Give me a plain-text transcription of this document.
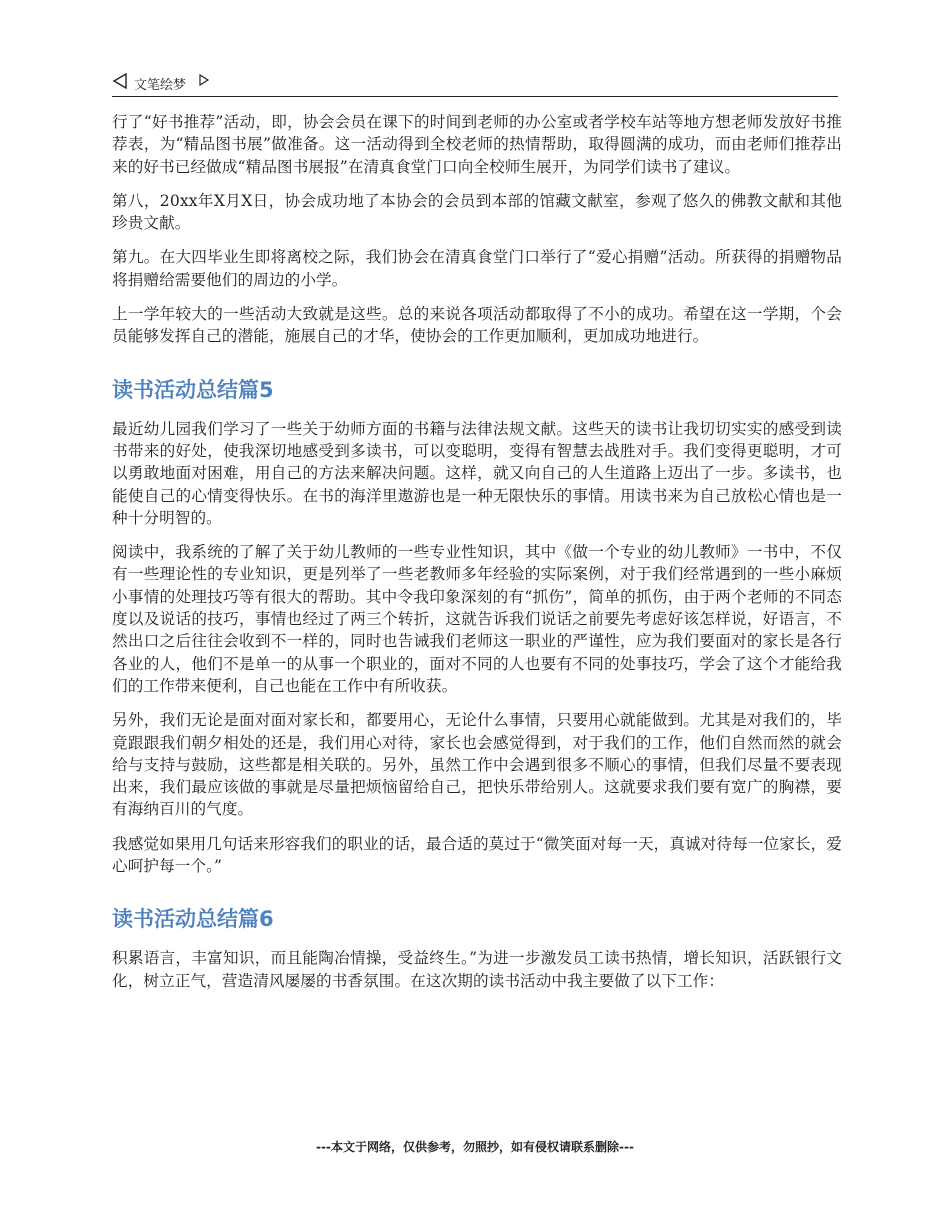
文笔绘梦

行了“好书推荐”活动，即，协会会员在课下的时间到老师的办公室或者学校车站等地方想老师发放好书推荐表，为“精品图书展”做准备。这一活动得到全校老师的热情帮助，取得圆满的成功，而由老师们推荐出来的好书已经做成“精品图书展报”在清真食堂门口向全校师生展开，为同学们读书了建议。

第八，20xx年X月X日，协会成功地了本协会的会员到本部的馆藏文献室，参观了悠久的佛教文献和其他珍贵文献。

第九。在大四毕业生即将离校之际，我们协会在清真食堂门口举行了“爱心捐赠”活动。所获得的捐赠物品将捐赠给需要他们的周边的小学。

上一学年较大的一些活动大致就是这些。总的来说各项活动都取得了不小的成功。希望在这一学期，个会员能够发挥自己的潜能，施展自己的才华，使协会的工作更加顺利，更加成功地进行。

读书活动总结篇5

最近幼儿园我们学习了一些关于幼师方面的书籍与法律法规文献。这些天的读书让我切切实实的感受到读书带来的好处，使我深切地感受到多读书，可以变聪明，变得有智慧去战胜对手。我们变得更聪明，才可以勇敢地面对困难，用自己的方法来解决问题。这样，就又向自己的人生道路上迈出了一步。多读书，也能使自己的心情变得快乐。在书的海洋里遨游也是一种无限快乐的事情。用读书来为自己放松心情也是一种十分明智的。

阅读中，我系统的了解了关于幼儿教师的一些专业性知识，其中《做一个专业的幼儿教师》一书中，不仅有一些理论性的专业知识，更是列举了一些老教师多年经验的实际案例，对于我们经常遇到的一些小麻烦小事情的处理技巧等有很大的帮助。其中令我印象深刻的有“抓伤”，简单的抓伤，由于两个老师的不同态度以及说话的技巧，事情也经过了两三个转折，这就告诉我们说话之前要先考虑好该怎样说，好语言，不然出口之后往往会收到不一样的，同时也告诫我们老师这一职业的严谨性，应为我们要面对的家长是各行各业的人，他们不是单一的从事一个职业的，面对不同的人也要有不同的处事技巧，学会了这个才能给我们的工作带来便利，自己也能在工作中有所收获。

另外，我们无论是面对面对家长和，都要用心，无论什么事情，只要用心就能做到。尤其是对我们的，毕竟跟跟我们朝夕相处的还是，我们用心对待，家长也会感觉得到，对于我们的工作，他们自然而然的就会给与支持与鼓励，这些都是相关联的。另外，虽然工作中会遇到很多不顺心的事情，但我们尽量不要表现出来，我们最应该做的事就是尽量把烦恼留给自己，把快乐带给别人。这就要求我们要有宽广的胸襟，要有海纳百川的气度。

我感觉如果用几句话来形容我们的职业的话，最合适的莫过于“微笑面对每一天，真诚对待每一位家长，爱心呵护每一个。”

读书活动总结篇6

积累语言，丰富知识，而且能陶冶情操，受益终生。”为进一步激发员工读书热情，增长知识，活跃银行文化，树立正气，营造清风屡屡的书香氛围。在这次期的读书活动中我主要做了以下工作：

---本文于网络，仅供参考，勿照抄，如有侵权请联系删除---
